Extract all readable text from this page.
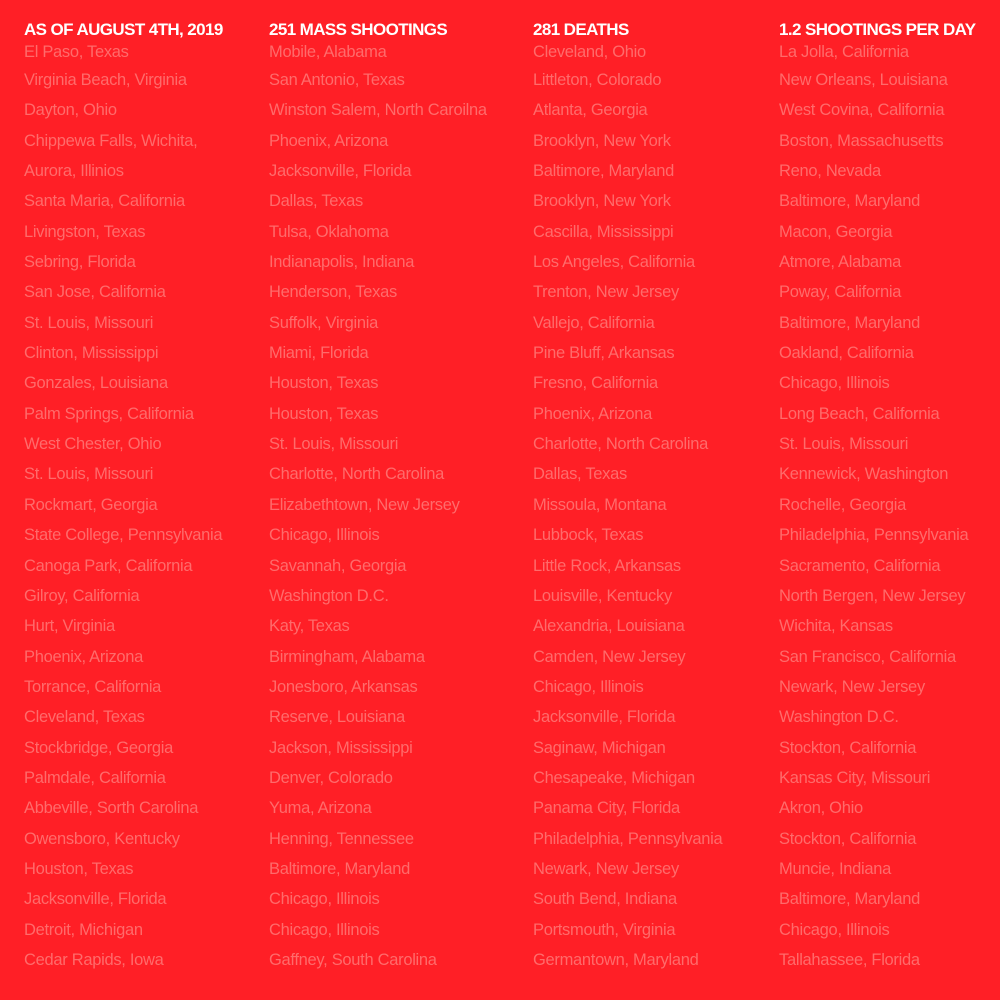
AS OF AUGUST 4TH, 2019
El Paso, Texas
Virginia Beach, Virginia
Dayton, Ohio
Chippewa Falls, Wichita,
Aurora, Illinios
Santa Maria, California
Livingston, Texas
Sebring, Florida
San Jose, California
St. Louis, Missouri
Clinton, Mississippi
Gonzales, Louisiana
Palm Springs, California
West Chester, Ohio
St. Louis, Missouri
Rockmart, Georgia
State College, Pennsylvania
Canoga Park, California
Gilroy, California
Hurt, Virginia
Phoenix, Arizona
Torrance, California
Cleveland, Texas
Stockbridge, Georgia
Palmdale, California
Abbeville, Sorth Carolina
Owensboro, Kentucky
Houston, Texas
Jacksonville, Florida
Detroit, Michigan
Cedar Rapids, Iowa
251 MASS SHOOTINGS
Mobile, Alabama
San Antonio, Texas
Winston Salem, North Caroilna
Phoenix, Arizona
Jacksonville, Florida
Dallas, Texas
Tulsa, Oklahoma
Indianapolis, Indiana
Henderson, Texas
Suffolk, Virginia
Miami, Florida
Houston, Texas
Houston, Texas
St. Louis, Missouri
Charlotte, North Carolina
Elizabethtown, New Jersey
Chicago, Illinois
Savannah, Georgia
Washington D.C.
Katy, Texas
Birmingham, Alabama
Jonesboro, Arkansas
Reserve, Louisiana
Jackson, Mississippi
Denver, Colorado
Yuma, Arizona
Henning, Tennessee
Baltimore, Maryland
Chicago, Illinois
Chicago, Illinois
Gaffney, South Carolina
281 DEATHS
Cleveland, Ohio
Littleton, Colorado
Atlanta, Georgia
Brooklyn, New York
Baltimore, Maryland
Brooklyn, New York
Cascilla, Mississippi
Los Angeles, California
Trenton, New Jersey
Vallejo, California
Pine Bluff, Arkansas
Fresno, California
Phoenix, Arizona
Charlotte, North Carolina
Dallas, Texas
Missoula, Montana
Lubbock, Texas
Little Rock, Arkansas
Louisville, Kentucky
Alexandria, Louisiana
Camden, New Jersey
Chicago, Illinois
Jacksonville, Florida
Saginaw, Michigan
Chesapeake, Michigan
Panama City, Florida
Philadelphia, Pennsylvania
Newark, New Jersey
South Bend, Indiana
Portsmouth, Virginia
Germantown, Maryland
1.2 SHOOTINGS PER DAY
La Jolla, California
New Orleans, Louisiana
West Covina, California
Boston, Massachusetts
Reno, Nevada
Baltimore, Maryland
Macon, Georgia
Atmore, Alabama
Poway, California
Baltimore, Maryland
Oakland, California
Chicago, Illinois
Long Beach, California
St. Louis, Missouri
Kennewick, Washington
Rochelle, Georgia
Philadelphia, Pennsylvania
Sacramento, California
North Bergen, New Jersey
Wichita, Kansas
San Francisco, California
Newark, New Jersey
Washington D.C.
Stockton, California
Kansas City, Missouri
Akron, Ohio
Stockton, California
Muncie, Indiana
Baltimore, Maryland
Chicago, Illinois
Tallahassee, Florida
